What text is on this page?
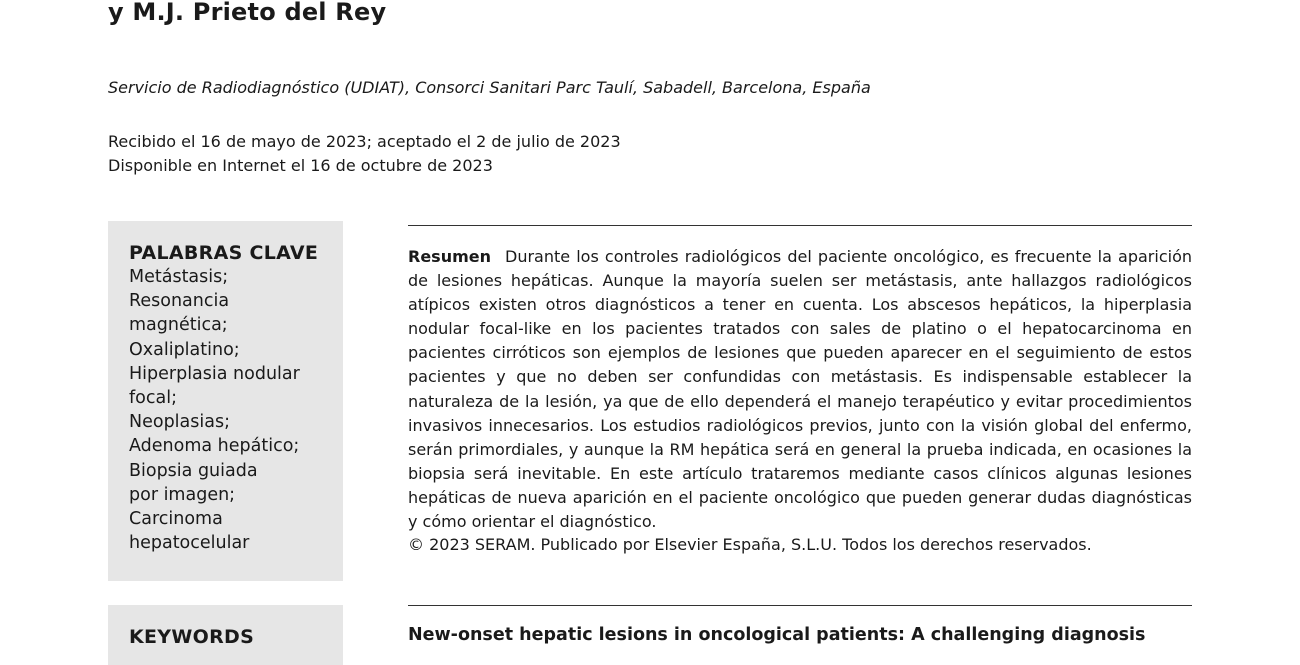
y M.J. Prieto del Rey
Servicio de Radiodiagnóstico (UDIAT), Consorci Sanitari Parc Taulí, Sabadell, Barcelona, España
Recibido el 16 de mayo de 2023; aceptado el 2 de julio de 2023
Disponible en Internet el 16 de octubre de 2023
PALABRAS CLAVE
Metástasis;
Resonancia
magnética;
Oxaliplatino;
Hiperplasia nodular
focal;
Neoplasias;
Adenoma hepático;
Biopsia guiada
por imagen;
Carcinoma
hepatocelular
Resumen Durante los controles radiológicos del paciente oncológico, es frecuente la aparición de lesiones hepáticas. Aunque la mayoría suelen ser metástasis, ante hallazgos radiológicos atípicos existen otros diagnósticos a tener en cuenta. Los abscesos hepáticos, la hiperplasia nodular focal-like en los pacientes tratados con sales de platino o el hepatocarcinoma en pacientes cirróticos son ejemplos de lesiones que pueden aparecer en el seguimiento de estos pacientes y que no deben ser confundidas con metástasis. Es indispensable establecer la naturaleza de la lesión, ya que de ello dependerá el manejo terapéutico y evitar procedimientos invasivos innecesarios. Los estudios radiológicos previos, junto con la visión global del enfermo, serán primordiales, y aunque la RM hepática será en general la prueba indicada, en ocasiones la biopsia será inevitable. En este artículo trataremos mediante casos clínicos algunas lesiones hepáticas de nueva aparición en el paciente oncológico que pueden generar dudas diagnósticas y cómo orientar el diagnóstico.
© 2023 SERAM. Publicado por Elsevier España, S.L.U. Todos los derechos reservados.
KEYWORDS	New-onset hepatic lesions in oncological patients: A challenging diagnosis
